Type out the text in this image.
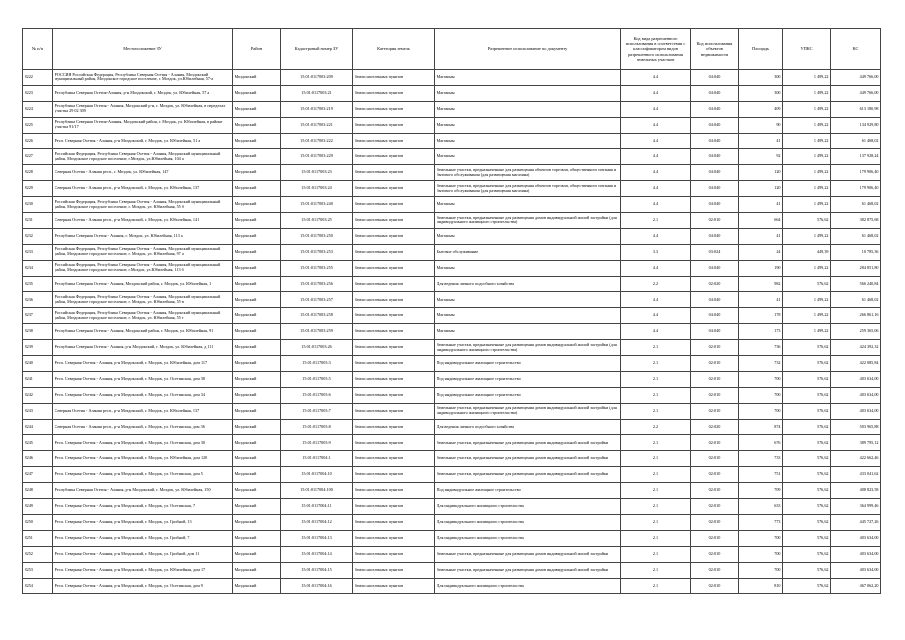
№ п/п	Местоположение ЗУ	Район	Кадастровый номер ЗУ	Категория земель	Разрешенное использование по документу	Код вида разрешенного использования в соответствии с классификатором видов разрешенного использования земельных участков	Код использования объектов недвижимости	Площадь	УПКС	КС

8222	РОССИЯ Российская Федерация, Республика Северная Осетия - Алания, Моздокский муниципальный район, Моздокское городское поселение, г. Моздок, ул.Юбилейная, 57-а	Моздокский	15:01:0117003:209	Земли населенных пунктов	Магазины	4.4	04:040	300	1 499,22	449 766,00

8223	Республика Северная Осетия-Алания, р-н Моздокский, г. Моздок, ул. Юбилейная, 57 а	Моздокский	15:01:0117003:21	Земли населенных пунктов	Магазины	4.4	04:040	300	1 499,22	449 766,00

8224	Республика Северная Осетия - Алания, Моздокский р-н, г. Моздок, ул. Юбилейная, в переделах участка 29 02 309	Моздокский	15:01:0117003:219	Земли населенных пунктов	Магазины	4.4	04:040	409	1 499,22	613 180,98

8225	Республика Северная Осетия-Алания, Моздокский район, г. Моздок, ул. Юбилейная, в районе участка 91/17	Моздокский	15:01:0117003:221	Земли населенных пунктов	Магазины	4.4	04:040	90	1 499,22	134 929,80

8226	Респ. Северная Осетия - Алания, р-н Моздокский, г. Моздок, ул. Юбилейная, 51 а	Моздокский	15:01:0117003:222	Земли населенных пунктов	Магазины	4.4	04:040	41	1 499,22	61 468,02

8227	Российская Федерация, Республика Северная Осетия - Алания, Моздокский муниципальный район, Моздокское городское поселение, г.Моздок, ул.Юбилейная, 104 а	Моздокский	15:01:0117003:229	Земли населенных пунктов	Магазины	4.4	04:040	92	1 499,22	137 928,24

8228	Северная Осетия - Алания респ., г. Моздок, ул. Юбилейная, 147	Моздокский	15:01:0117003:23	Земли населенных пунктов	Земельные участки, предназначенные для размещения объектов торговли, общественного питания и бытового обслуживания (для размещения магазина)	4.4	04:040	120	1 499,22	179 906,40

8229	Северная Осетия - Алания респ., р-н Моздокский, г. Моздок, ул. Юбилейная, 137	Моздокский	15:01:0117003:24	Земли населенных пунктов	Земельные участки, предназначенные для размещения объектов торговли, общественного питания и бытового обслуживания (для размещения магазина)	4.4	04:040	120	1 499,22	179 906,40

8230	Российская Федерация, Республика Северная Осетия - Алания, Моздокский муниципальный район, Моздокское городское поселение, г. Моздок, ул. Юбилейная, 55 б	Моздокский	15:01:0117003:240	Земли населенных пунктов	Магазины	4.4	04:040	41	1 499,22	61 468,02

8231	Северная Осетия - Алания респ., р-н Моздокский, г. Моздок, ул. Юбилейная, 141	Моздокский	15:01:0117003:25	Земли населенных пунктов	Земельные участки, предназначенные для размещения домов индивидуальной жилой застройки (для индивидуального жилищного строительства)	2.1	02:010	664	576,62	382 875,68

8232	Республика Северная Осетия - Алания, г. Моздок, ул. Юбилейная, 113 а	Моздокский	15:01:0117003:250	Земли населенных пунктов	Магазины	4.4	04:040	41	1 499,22	61 468,02

8233	Российская Федерация, Республика Северная Осетия - Алания, Моздокский муниципальный район, Моздокское городское поселение, г. Моздок, ул. Юбилейная, 97 а	Моздокский	15:01:0117003:253	Земли населенных пунктов	Бытовое обслуживание	3.3	03:024	24	449,39	10 785,36

8234	Российская Федерация, Республика Северная Осетия - Алания, Моздокский муниципальный район, Моздокское городское поселение, г.Моздок, ул.Юбилейная, 113 б	Моздокский	15:01:0117003:255	Земли населенных пунктов	Магазины	4.4	04:040	190	1 499,22	284 851,80

8235	Республика Северная Осетия - Алания, Моздокский район, г. Моздок, ул. Юбилейная, 1	Моздокский	15:01:0117003:256	Земли населенных пунктов	Для ведения личного подсобного хозяйства	2.2	02:020	982	576,62	566 240,84

8236	Российская Федерация, Республика Северная Осетия - Алания, Моздокский муниципальный район, Моздокское городское поселение, г. Моздок, ул. Юбилейная, 55 в	Моздокский	15:01:0117003:257	Земли населенных пунктов	Магазины	4.4	04:040	41	1 499,22	61 468,02

8237	Российская Федерация, Республика Северная Осетия - Алания, Моздокский муниципальный район, Моздокское городское поселение, г. Моздок, ул. Юбилейная, 55 г	Моздокский	15:01:0117003:258	Земли населенных пунктов	Магазины	4.4	04:040	178	1 499,22	266 861,16

8238	Республика Северная Осетия - Алания, Моздокский район, г. Моздок, ул. Юбилейная, 91	Моздокский	15:01:0117003:259	Земли населенных пунктов	Магазины	4.4	04:040	173	1 499,22	259 365,06

8239	Республика Северная Осетия - Алания, р-н Моздокский, г. Моздок, ул. Юбилейная, д 111	Моздокский	15:01:0117003:26	Земли населенных пунктов	Земельные участки, предназначенные для размещения домов индивидуальной жилой застройки (для индивидуального жилищного строительства)	2.1	02:010	736	576,62	424 392,32

8240	Респ. Северная Осетия - Алания, р-н Моздокский, г. Моздок, ул. Юбилейная, дом 117	Моздокский	15:01:0117003:3	Земли населенных пунктов	Под индивидуальное жилищное строительство	2.1	02:010	732	576,62	422 085,84

8241	Респ. Северная Осетия - Алания, р-н Моздокский, г. Моздок, ул. Осетинская, дом 38	Моздокский	15:01:0117003:5	Земли населенных пунктов	Под индивидуальное жилищное строительство	2.1	02:010	700	576,62	403 634,00

8242	Респ. Северная Осетия - Алания, р-н Моздокский, г. Моздок, ул. Осетинская, дом 34	Моздокский	15:01:0117003:6	Земли населенных пунктов	Под индивидуальное жилищное строительство	2.1	02:010	700	576,62	403 634,00

8243	Северная Осетия - Алания респ., р-н Моздокский, г. Моздок, ул. Юбилейная, 137	Моздокский	15:01:0117003:7	Земли населенных пунктов	Земельные участки, предназначенные для размещения домов индивидуальной жилой застройки (для индивидуального жилищного строительства)	2.1	02:010	700	576,62	403 634,00

8244	Северная Осетия - Алания респ., р-н Моздокский, г. Моздок, ул. Осетинская, дом 36	Моздокский	15:01:0117003:8	Земли населенных пунктов	Для ведения личного подсобного хозяйства	2.2	02:020	874	576,62	503 965,88

8245	Респ. Северная Осетия - Алания, р-н Моздокский, г. Моздок, ул. Осетинская, дом 30	Моздокский	15:01:0117003:9	Земли населенных пунктов	Земельные участки, предназначенные для размещения домов индивидуальной жилой застройки	2.1	02:010	676	576,62	389 795,12

8246	Респ. Северная Осетия - Алания, р-н Моздокский, г. Моздок, ул. Юбилейная, дом 120	Моздокский	15:01:0117004:1	Земли населенных пунктов	Земельные участки, предназначенные для размещения домов индивидуальной жилой застройки	2.1	02:010	733	576,62	422 662,46

8247	Респ. Северная Осетия - Алания, р-н Моздокский, г. Моздок, ул. Осетинская, дом 5	Моздокский	15:01:0117004:10	Земли населенных пунктов	Земельные участки, предназначенные для размещения домов индивидуальной жилой застройки	2.1	02:010	751	576,62	433 041,62

8248	Республика Северная Осетия - Алания, р-н Моздокский, г. Моздок, ул. Юбилейная, 150	Моздокский	15:01:0117004:100	Земли населенных пунктов	Под индивидуальное жилищное строительство	2.1	02:010	709	576,62	408 823,58

8249	Респ. Северная Осетия - Алания, р-н Моздокский, г. Моздок, ул. Осетинская, 7	Моздокский	15:01:0117004:11	Земли населенных пунктов	Для индивидуального жилищного строительства	2.1	02:010	633	576,62	364 999,46

8250	Респ. Северная Осетия - Алания, р-н Моздокский, г. Моздок, ул. Грибной, 13	Моздокский	15:01:0117004:12	Земли населенных пунктов	Для индивидуального жилищного строительства	2.1	02:010	773	576,62	445 727,26

8251	Респ. Северная Осетия - Алания, р-н Моздокский, г. Моздок, ул. Грибной, 7	Моздокский	15:01:0117004:13	Земли населенных пунктов	Для индивидуального жилищного строительства	2.1	02:010	700	576,62	403 634,00

8252	Респ. Северная Осетия - Алания, р-н Моздокский, г. Моздок, ул. Грибной, дом 11	Моздокский	15:01:0117004:14	Земли населенных пунктов	Земельные участки, предназначенные для размещения домов индивидуальной жилой застройки	2.1	02:010	700	576,62	403 634,00

8253	Респ. Северная Осетия - Алания, р-н Моздокский, г. Моздок, ул. Юбилейная, дом 17	Моздокский	15:01:0117004:15	Земли населенных пунктов	Земельные участки, предназначенные для размещения домов индивидуальной жилой застройки	2.1	02:010	700	576,62	403 634,00

8254	Респ. Северная Осетия - Алания, р-н Моздокский, г. Моздок, ул. Осетинская, дом 9	Моздокский	15:01:0117004:16	Земли населенных пунктов	Для индивидуального жилищного строительства	2.1	02:010	810	576,62	467 062,20
